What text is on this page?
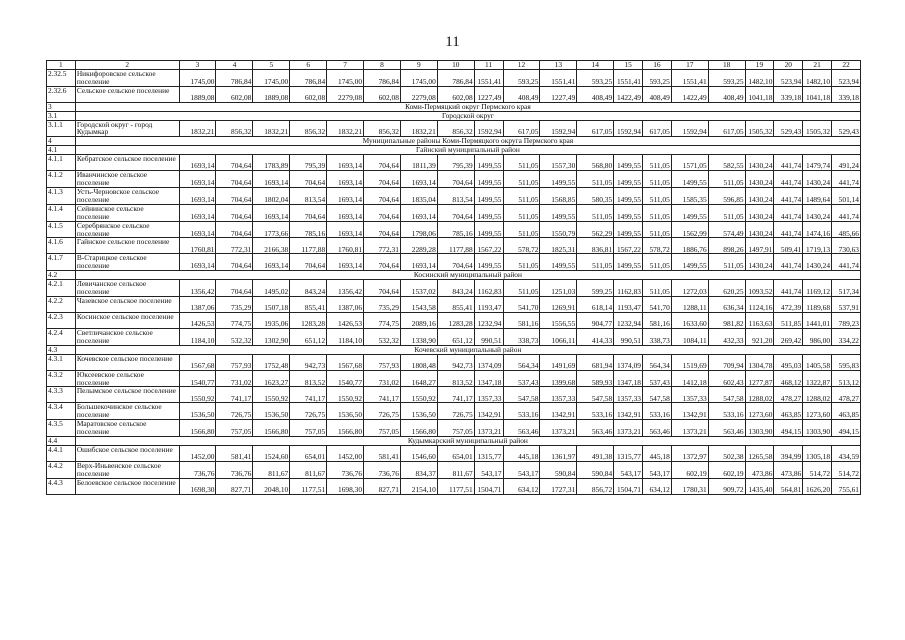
11
1	2	3	4	5	6	7	8	9	10	11	12	13	14	15	16	17	18	19	20	21	22
2.32.5	Никифоровское сельское поселение	1745,00	786,84	1745,00	786,84	1745,00	786,84	1745,00	786,84	1551,41	593,25	1551,41	593,25	1551,41	593,25	1551,41	593,25	1482,10	523,94	1482,10	523,94
2.32.6	Сельское сельское поселение	1889,08	602,08	1889,08	602,08	2279,08	602,08	2279,08	602,08	1227,49	408,49	1227,49	408,49	1422,49	408,49	1422,49	408,49	1041,18	339,18	1041,18	339,18
3	Коми-Пермяцкий округ Пермского края																				
3.1	Городской округ																				
3.1.1	Городской округ - город Кудымкар	1832,21	856,32	1832,21	856,32	1832,21	856,32	1832,21	856,32	1592,94	617,05	1592,94	617,05	1592,94	617,05	1592,94	617,05	1505,32	529,43	1505,32	529,43
4	Муниципальные районы Коми-Пермяцкого округа Пермского края																				
4.1	Гайнский муниципальный район																				
4.1.1	Кебратское сельское поселение	1693,14	704,64	1783,89	795,39	1693,14	704,64	1811,39	795,39	1499,55	511,05	1557,30	568,80	1499,55	511,05	1571,05	582,55	1430,24	441,74	1479,74	491,24
4.1.2	Иванчинское сельское поселение	1693,14	704,64	1693,14	704,64	1693,14	704,64	1693,14	704,64	1499,55	511,05	1499,55	511,05	1499,55	511,05	1499,55	511,05	1430,24	441,74	1430,24	441,74
4.1.3	Усть-Черновское сельское поселение	1693,14	704,64	1802,04	813,54	1693,14	704,64	1835,04	813,54	1499,55	511,05	1568,85	580,35	1499,55	511,05	1585,35	596,85	1430,24	441,74	1489,64	501,14
4.1.4	Сейнинское сельское поселение	1693,14	704,64	1693,14	704,64	1693,14	704,64	1693,14	704,64	1499,55	511,05	1499,55	511,05	1499,55	511,05	1499,55	511,05	1430,24	441,74	1430,24	441,74
4.1.5	Серебрянское сельское поселение	1693,14	704,64	1773,66	785,16	1693,14	704,64	1798,06	785,16	1499,55	511,05	1550,79	562,29	1499,55	511,05	1562,99	574,49	1430,24	441,74	1474,16	485,66
4.1.6	Гайнское сельское поселение	1760,81	772,31	2166,38	1177,88	1760,81	772,31	2289,28	1177,88	1567,22	578,72	1825,31	836,81	1567,22	578,72	1886,76	898,26	1497,91	509,41	1719,13	730,63
4.1.7	В-Старицкое сельское поселение	1693,14	704,64	1693,14	704,64	1693,14	704,64	1693,14	704,64	1499,55	511,05	1499,55	511,05	1499,55	511,05	1499,55	511,05	1430,24	441,74	1430,24	441,74
4.2	Косинский муниципальный район																				
4.2.1	Левичанское сельское поселение	1356,42	704,64	1495,02	843,24	1356,42	704,64	1537,02	843,24	1162,83	511,05	1251,03	599,25	1162,83	511,05	1272,03	620,25	1093,52	441,74	1169,12	517,34
4.2.2	Чазевское сельское поселение	1387,06	735,29	1507,18	855,41	1387,06	735,29	1543,58	855,41	1193,47	541,70	1269,91	618,14	1193,47	541,70	1288,11	636,34	1124,16	472,39	1189,68	537,91
4.2.3	Косинское сельское поселение	1426,53	774,75	1935,06	1283,28	1426,53	774,75	2089,16	1283,28	1232,94	581,16	1556,55	904,77	1232,94	581,16	1633,60	981,82	1163,63	511,85	1441,01	789,23
4.2.4	Светличанское сельское поселение	1184,10	532,32	1302,90	651,12	1184,10	532,32	1338,90	651,12	990,51	338,73	1066,11	414,33	990,51	338,73	1084,11	432,33	921,20	269,42	986,00	334,22
4.3	Кочевский муниципальный район																				
4.3.1	Кочевское сельское поселение	1567,68	757,93	1752,48	942,73	1567,68	757,93	1808,48	942,73	1374,09	564,34	1491,69	681,94	1374,09	564,34	1519,69	709,94	1304,78	495,03	1405,58	595,83
4.3.2	Юксеевское сельское поселение	1540,77	731,02	1623,27	813,52	1540,77	731,02	1648,27	813,52	1347,18	537,43	1399,68	589,93	1347,18	537,43	1412,18	602,43	1277,87	468,12	1322,87	513,12
4.3.3	Пелымское сельское поселение	1550,92	741,17	1550,92	741,17	1550,92	741,17	1550,92	741,17	1357,33	547,58	1357,33	547,58	1357,33	547,58	1357,33	547,58	1288,02	478,27	1288,02	478,27
4.3.4	Большекочинское сельское поселение	1536,50	726,75	1536,50	726,75	1536,50	726,75	1536,50	726,75	1342,91	533,16	1342,91	533,16	1342,91	533,16	1342,91	533,16	1273,60	463,85	1273,60	463,85
4.3.5	Маратовское сельское поселение	1566,80	757,05	1566,80	757,05	1566,80	757,05	1566,80	757,05	1373,21	563,46	1373,21	563,46	1373,21	563,46	1373,21	563,46	1303,90	494,15	1303,90	494,15
4.4	Кудымкарский муниципальный район																				
4.4.1	Ошибское сельское поселение	1452,00	581,41	1524,60	654,01	1452,00	581,41	1546,60	654,01	1315,77	445,18	1361,97	491,38	1315,77	445,18	1372,97	502,38	1265,58	394,99	1305,18	434,59
4.4.2	Верх-Иньвенское сельское поселение	736,76	736,76	811,67	811,67	736,76	736,76	834,37	811,67	543,17	543,17	590,84	590,84	543,17	543,17	602,19	602,19	473,86	473,86	514,72	514,72
4.4.3	Белоевское сельское поселение	1698,30	827,71	2048,10	1177,51	1698,30	827,71	2154,10	1177,51	1504,71	634,12	1727,31	856,72	1504,71	634,12	1780,31	909,72	1435,40	564,81	1626,20	755,61
